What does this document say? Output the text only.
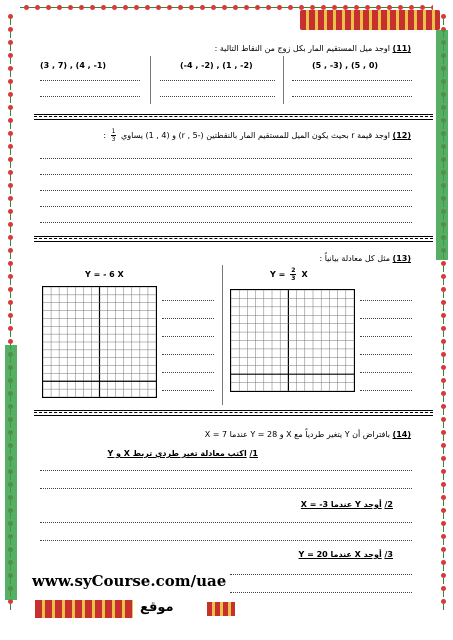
(11) اوجد ميل المستقيم المار بكل زوج من النقاط التالية :
(5 , -3) , (5 , 0)
(-4 , -2) , (1 , -2)
(3 , 7) , (4 , -1)
(12) اوجد قيمة r بحيث يكون الميل للمستقيم المار بالنقطتين (-5 , r) و (4 , 1) يساوي
$\frac{1}{3}$
:
(13) مثل كل معادلة بيانياً :
Y = - 6 X	$Y = \frac{2}{3}$ X
(14) بافتراض أن Y يتغير طردياً مع X و Y = 28 عندما X = 7
1/ اكتب معادلة تغير طردي تربط X و Y
2/ أوجد Y عندما X = -3
3/ أوجد X عندما Y = 20
www.syCourse.com/uae
موقع
